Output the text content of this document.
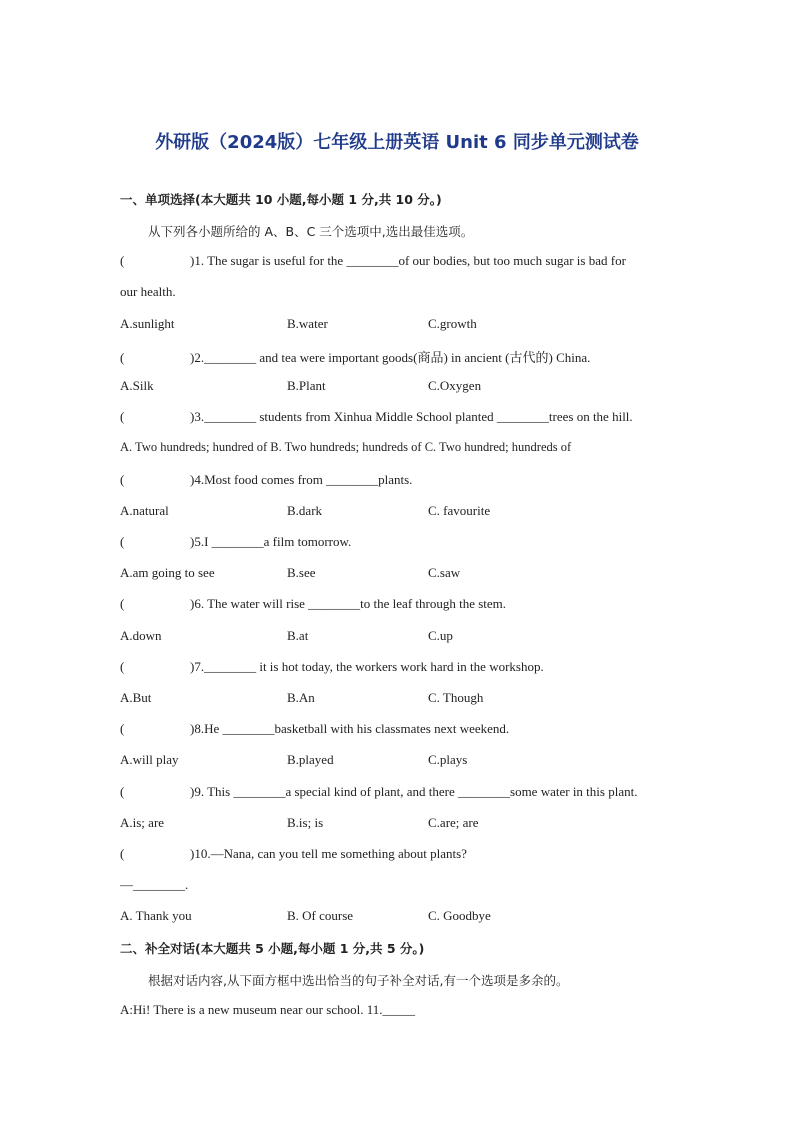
外研版（2024版）七年级上册英语 Unit 6 同步单元测试卷
一、单项选择(本大题共 10 小题,每小题 1 分,共 10 分。)
从下列各小题所给的 A、B、C 三个选项中,选出最佳选项。
(	)1. The sugar is useful for the ________of our bodies, but too much sugar is bad for
our health.
A.sunlight	B.water	C.growth
(	)2.________ and tea were important goods(商品) in ancient (古代的) China.
A.Silk	B.Plant	C.Oxygen
(	)3.________ students from Xinhua Middle School planted ________trees on the hill.
A. Two hundreds; hundred of B. Two hundreds; hundreds of C. Two hundred; hundreds of
(	)4.Most food comes from ________plants.
A.natural	B.dark	C. favourite
(	)5.I ________a film tomorrow.
A.am going to see	B.see	C.saw
(	)6. The water will rise ________to the leaf through the stem.
A.down	B.at	C.up
(	)7.________ it is hot today, the workers work hard in the workshop.
A.But	B.An	C. Though
(	)8.He ________basketball with his classmates next weekend.
A.will play	B.played	C.plays
(	)9. This ________a special kind of plant, and there ________some water in this plant.
A.is; are	B.is; is	C.are; are
(	)10.—Nana, can you tell me something about plants?
—________.
A. Thank you	B. Of course	C. Goodbye
二、补全对话(本大题共 5 小题,每小题 1 分,共 5 分。)
根据对话内容,从下面方框中选出恰当的句子补全对话,有一个选项是多余的。
A:Hi! There is a new museum near our school. 11._____
